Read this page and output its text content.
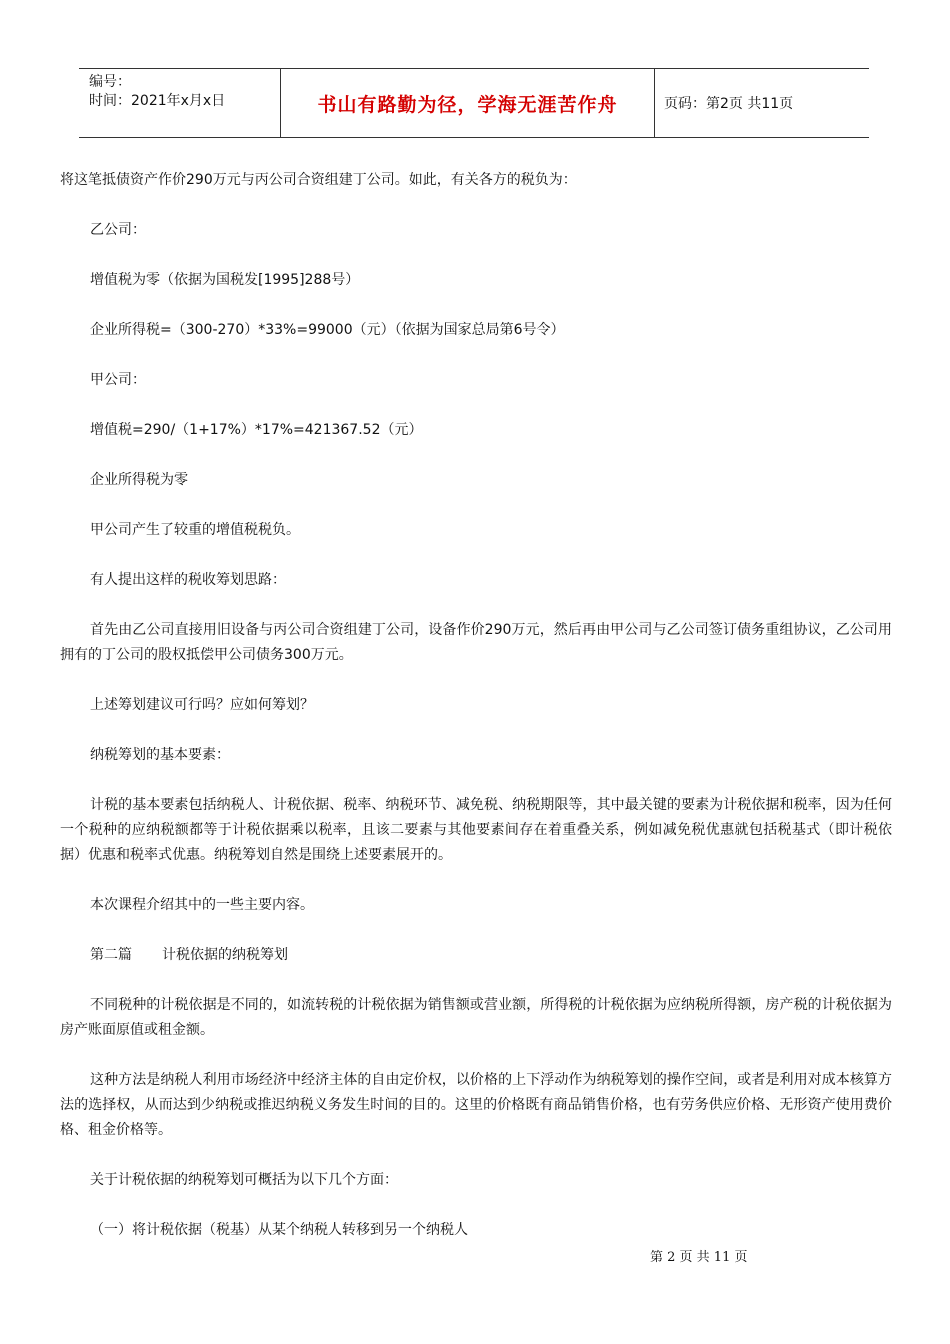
编号：
时间：2021年x月x日	书山有路勤为径，学海无涯苦作舟	页码：第2页 共11页

将这笔抵债资产作价290万元与丙公司合资组建丁公司。如此，有关各方的税负为：

乙公司：

增值税为零（依据为国税发[1995]288号）

企业所得税=（300-270）*33%=99000（元）（依据为国家总局第6号令）

甲公司：

增值税=290/（1+17%）*17%=421367.52（元）

企业所得税为零

甲公司产生了较重的增值税税负。

有人提出这样的税收筹划思路：

首先由乙公司直接用旧设备与丙公司合资组建丁公司，设备作价290万元，然后再由甲公司与乙公司签订债务重组协议，乙公司用拥有的丁公司的股权抵偿甲公司债务300万元。

上述筹划建议可行吗？应如何筹划？

纳税筹划的基本要素：

计税的基本要素包括纳税人、计税依据、税率、纳税环节、减免税、纳税期限等，其中最关键的要素为计税依据和税率，因为任何一个税种的应纳税额都等于计税依据乘以税率，且该二要素与其他要素间存在着重叠关系，例如减免税优惠就包括税基式（即计税依据）优惠和税率式优惠。纳税筹划自然是围绕上述要素展开的。

本次课程介绍其中的一些主要内容。

第二篇 计税依据的纳税筹划

不同税种的计税依据是不同的，如流转税的计税依据为销售额或营业额，所得税的计税依据为应纳税所得额，房产税的计税依据为房产账面原值或租金额。

这种方法是纳税人利用市场经济中经济主体的自由定价权，以价格的上下浮动作为纳税筹划的操作空间，或者是利用对成本核算方法的选择权，从而达到少纳税或推迟纳税义务发生时间的目的。这里的价格既有商品销售价格，也有劳务供应价格、无形资产使用费价格、租金价格等。

关于计税依据的纳税筹划可概括为以下几个方面：

（一）将计税依据（税基）从某个纳税人转移到另一个纳税人

第 2 页 共 11 页
